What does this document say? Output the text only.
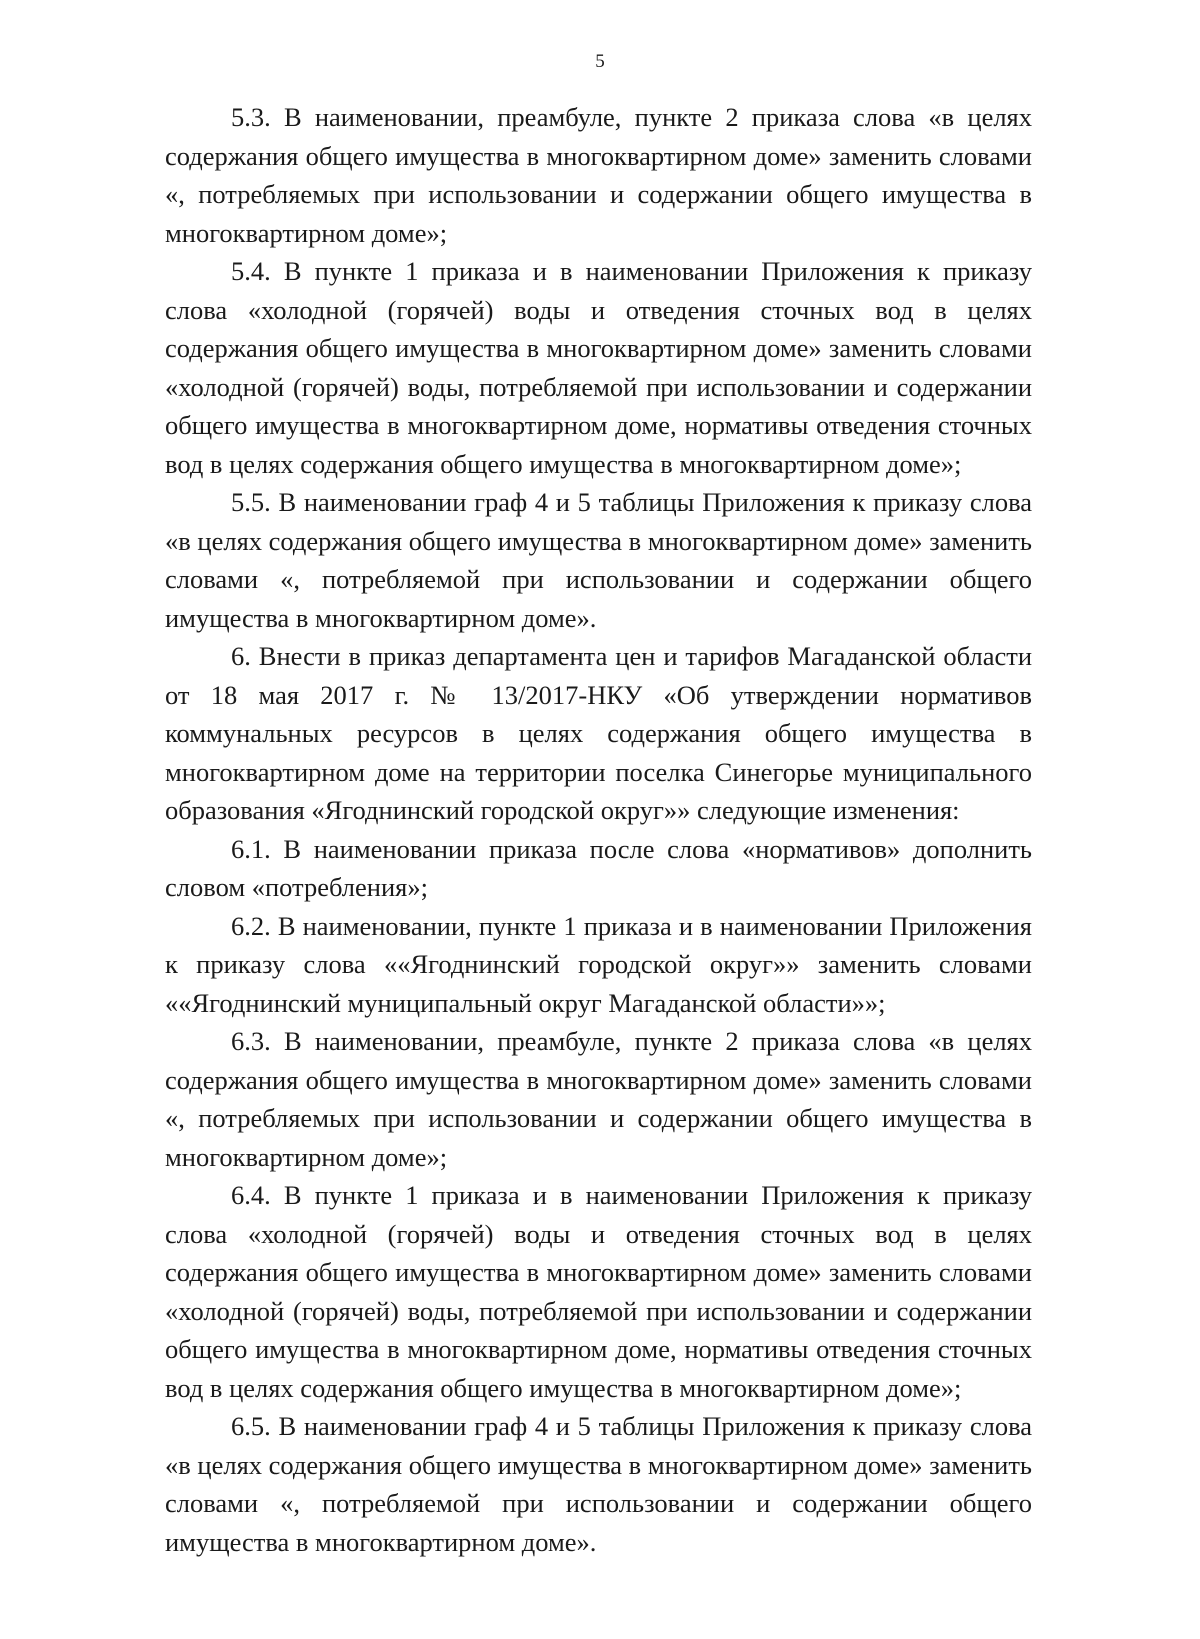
5

5.3. В наименовании, преамбуле, пункте 2 приказа слова «в целях содержания общего имущества в многоквартирном доме» заменить словами «, потребляемых при использовании и содержании общего имущества в многоквартирном доме»;

5.4. В пункте 1 приказа и в наименовании Приложения к приказу слова «холодной (горячей) воды и отведения сточных вод в целях содержания общего имущества в многоквартирном доме» заменить словами «холодной (горячей) воды, потребляемой при использовании и содержании общего имущества в многоквартирном доме, нормативы отведения сточных вод в целях содержания общего имущества в многоквартирном доме»;

5.5. В наименовании граф 4 и 5 таблицы Приложения к приказу слова «в целях содержания общего имущества в многоквартирном доме» заменить словами «, потребляемой при использовании и содержании общего имущества в многоквартирном доме».

6. Внести в приказ департамента цен и тарифов Магаданской области от 18 мая 2017 г. № 13/2017-НКУ «Об утверждении нормативов коммунальных ресурсов в целях содержания общего имущества в многоквартирном доме на территории поселка Синегорье муниципального образования «Ягоднинский городской округ»» следующие изменения:

6.1. В наименовании приказа после слова «нормативов» дополнить словом «потребления»;

6.2. В наименовании, пункте 1 приказа и в наименовании Приложения к приказу слова ««Ягоднинский городской округ»» заменить словами ««Ягоднинский муниципальный округ Магаданской области»»;

6.3. В наименовании, преамбуле, пункте 2 приказа слова «в целях содержания общего имущества в многоквартирном доме» заменить словами «, потребляемых при использовании и содержании общего имущества в многоквартирном доме»;

6.4. В пункте 1 приказа и в наименовании Приложения к приказу слова «холодной (горячей) воды и отведения сточных вод в целях содержания общего имущества в многоквартирном доме» заменить словами «холодной (горячей) воды, потребляемой при использовании и содержании общего имущества в многоквартирном доме, нормативы отведения сточных вод в целях содержания общего имущества в многоквартирном доме»;

6.5. В наименовании граф 4 и 5 таблицы Приложения к приказу слова «в целях содержания общего имущества в многоквартирном доме» заменить словами «, потребляемой при использовании и содержании общего имущества в многоквартирном доме».
